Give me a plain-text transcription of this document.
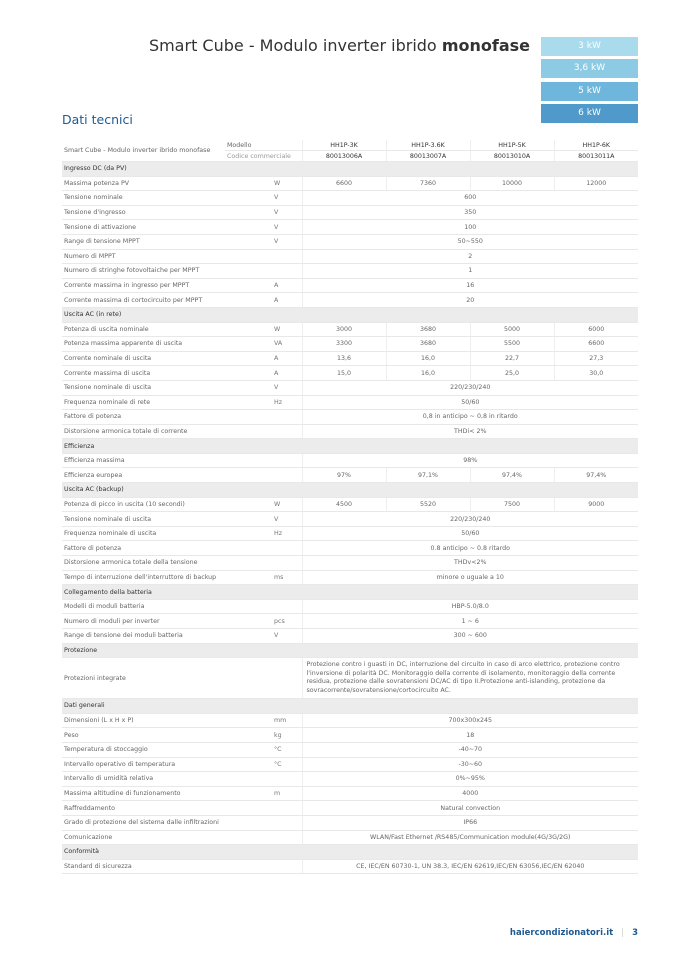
Smart Cube - Modulo inverter ibrido monofase	3 kW
3,6 kW
5 kW
6 kW
Dati tecnici
Smart Cube - Modulo inverter ibrido monofase	Modello		HH1P-3K	HH1P-3.6K	HH1P-5K	HH1P-6K
	Codice commerciale		80013006A	80013007A	80013010A	80013011A
Ingresso DC (da PV)						
Massima potenza PV		W	6600	7360	10000	12000
Tensione nominale		V	600			
Tensione d'ingresso		V	350			
Tensione di attivazione		V	100			
Range di tensione MPPT		V	50~550			
Numero di MPPT			2			
Numero di stringhe fotovoltaiche per MPPT			1			
Corrente massima in ingresso per MPPT		A	16			
Corrente massima di cortocircuito per MPPT		A	20			
Uscita AC (in rete)						
Potenza di uscita nominale		W	3000	3680	5000	6000
Potenza massima apparente di uscita		VA	3300	3680	5500	6600
Corrente nominale di uscita		A	13,6	16,0	22,7	27,3
Corrente massima di uscita		A	15,0	16,0	25,0	30,0
Tensione nominale di uscita		V	220/230/240			
Frequenza nominale di rete		Hz	50/60			
Fattore di potenza			0,8 in anticipo ~ 0,8 in ritardo			
Distorsione armonica totale di corrente			THDi< 2%			
Efficienza						
Efficienza massima			98%			
Efficienza europea			97%	97,1%	97,4%	97,4%
Uscita AC (backup)						
Potenza di picco in uscita (10 secondi)		W	4500	5520	7500	9000
Tensione nominale di uscita		V	220/230/240			
Frequenza nominale di uscita		Hz	50/60			
Fattore di potenza			0.8 anticipo ~ 0.8 ritardo			
Distorsione armonica totale della tensione			THDv<2%			
Tempo di interruzione dell'interruttore di backup		ms	minore o uguale a 10			
Collegamento della batteria						
Modelli di moduli batteria			HBP-5.0/8.0			
Numero di moduli per inverter		pcs	1 ~ 6			
Range di tensione dei moduli batteria		V	300 ~ 600			
Protezione						
Protezioni integrate			Protezione contro i guasti in DC, interruzione del circuito in caso di arco elettrico, protezione contro l'inversione di polarità DC. Monitoraggio della corrente di isolamento, monitoraggio della corrente residua, protezione dalle sovratensioni DC/AC di tipo II.Protezione anti-islanding, protezione da sovracorrente/sovratensione/cortocircuito AC.			
Dati generali						
Dimensioni (L x H x P)		mm	700x300x245			
Peso		kg	18			
Temperatura di stoccaggio		°C	-40~70			
Intervallo operativo di temperatura		°C	-30~60			
Intervallo di umidità relativa			0%~95%			
Massima altitudine di funzionamento		m	4000			
Raffreddamento			Natural convection			
Grado di protezione del sistema dalle infiltrazioni			IP66			
Comunicazione			WLAN/Fast Ethernet /RS485/Communication module(4G/3G/2G)			
Conformità						
Standard di sicurezza			CE, IEC/EN 60730-1, UN 38.3, IEC/EN 62619,IEC/EN 63056,IEC/EN 62040			
haiercondizionatori.it | 3
